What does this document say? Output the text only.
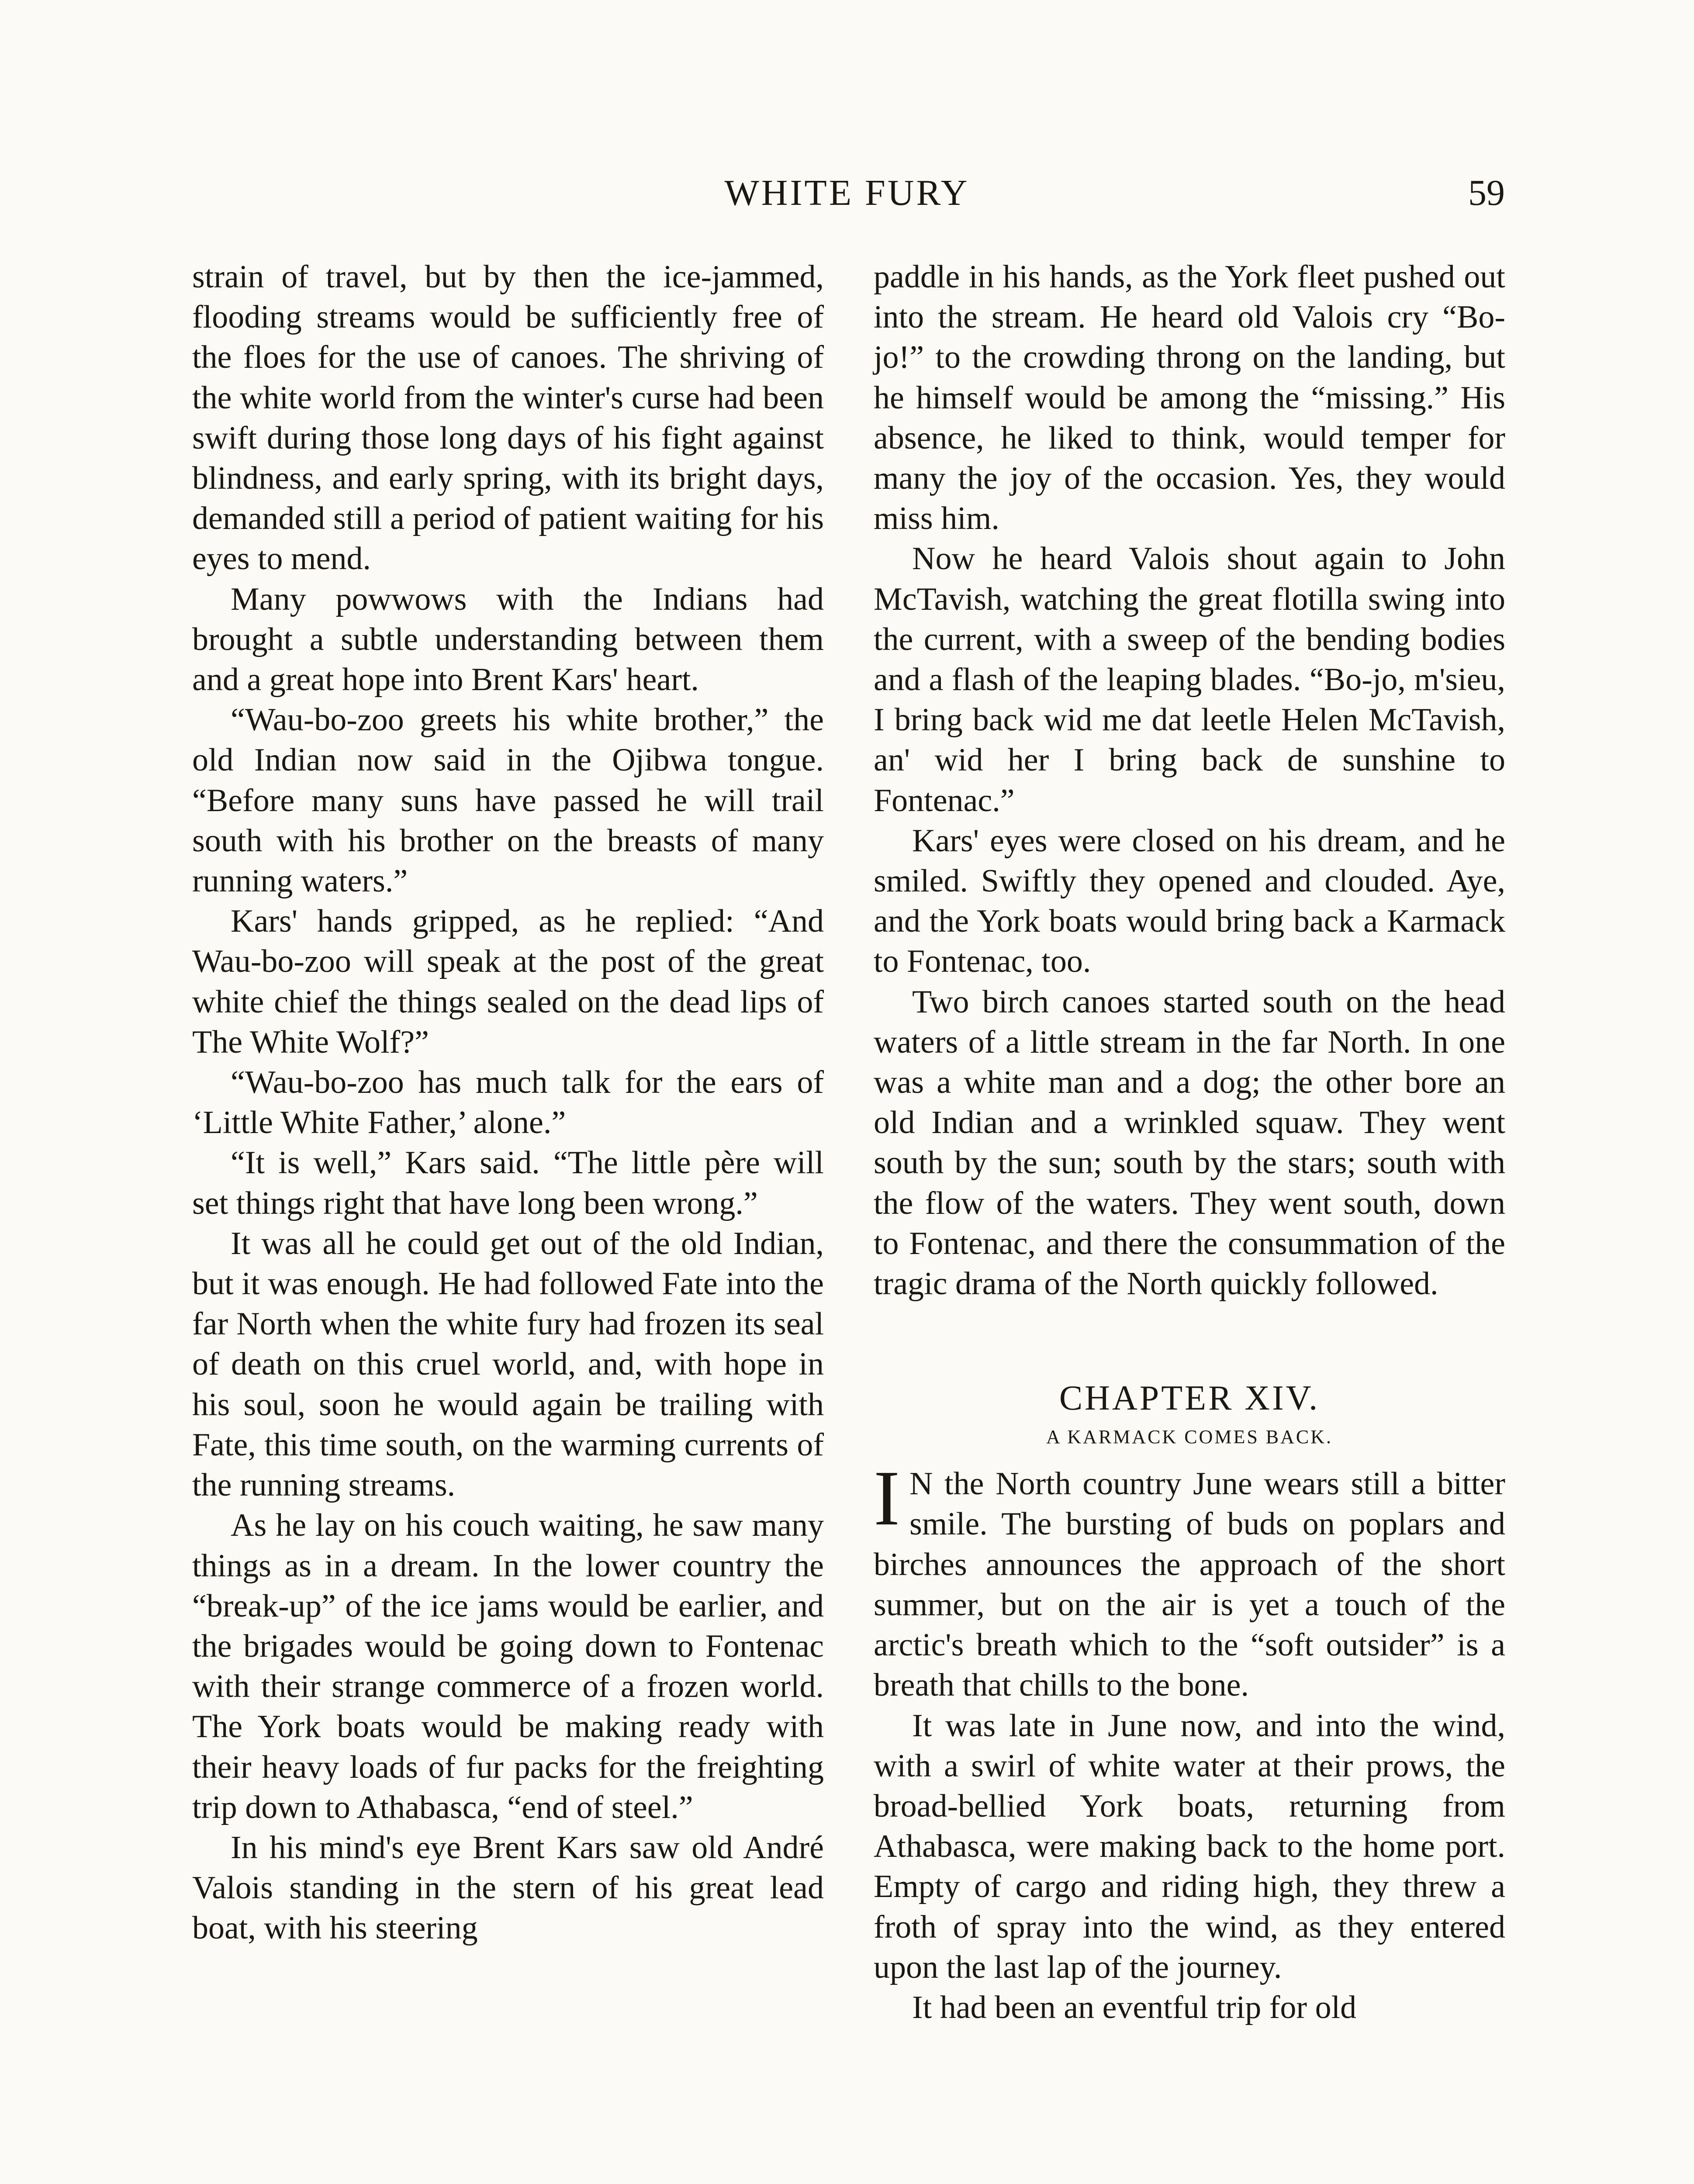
WHITE FURY	59

strain of travel, but by then the ice-jammed, flooding streams would be sufficiently free of the floes for the use of canoes. The shriving of the white world from the winter's curse had been swift during those long days of his fight against blindness, and early spring, with its bright days, demanded still a period of patient waiting for his eyes to mend.

Many powwows with the Indians had brought a subtle understanding between them and a great hope into Brent Kars' heart.

“Wau-bo-zoo greets his white brother,” the old Indian now said in the Ojibwa tongue. “Before many suns have passed he will trail south with his brother on the breasts of many running waters.”

Kars' hands gripped, as he replied: “And Wau-bo-zoo will speak at the post of the great white chief the things sealed on the dead lips of The White Wolf?”

“Wau-bo-zoo has much talk for the ears of ‘Little White Father,’ alone.”

“It is well,” Kars said. “The little père will set things right that have long been wrong.”

It was all he could get out of the old Indian, but it was enough. He had followed Fate into the far North when the white fury had frozen its seal of death on this cruel world, and, with hope in his soul, soon he would again be trailing with Fate, this time south, on the warming currents of the running streams.

As he lay on his couch waiting, he saw many things as in a dream. In the lower country the “break-up” of the ice jams would be earlier, and the brigades would be going down to Fontenac with their strange commerce of a frozen world. The York boats would be making ready with their heavy loads of fur packs for the freighting trip down to Athabasca, “end of steel.”

In his mind's eye Brent Kars saw old André Valois standing in the stern of his great lead boat, with his steering

paddle in his hands, as the York fleet pushed out into the stream. He heard old Valois cry “Bo-jo!” to the crowding throng on the landing, but he himself would be among the “missing.” His absence, he liked to think, would temper for many the joy of the occasion. Yes, they would miss him.

Now he heard Valois shout again to John McTavish, watching the great flotilla swing into the current, with a sweep of the bending bodies and a flash of the leaping blades. “Bo-jo, m'sieu, I bring back wid me dat leetle Helen McTavish, an' wid her I bring back de sunshine to Fontenac.”

Kars' eyes were closed on his dream, and he smiled. Swiftly they opened and clouded. Aye, and the York boats would bring back a Karmack to Fontenac, too.

Two birch canoes started south on the head waters of a little stream in the far North. In one was a white man and a dog; the other bore an old Indian and a wrinkled squaw. They went south by the sun; south by the stars; south with the flow of the waters. They went south, down to Fontenac, and there the consummation of the tragic drama of the North quickly followed.

CHAPTER XIV.
A KARMACK COMES BACK.

I N the North country June wears still a bitter smile. The bursting of buds on poplars and birches announces the approach of the short summer, but on the air is yet a touch of the arctic's breath which to the “soft outsider” is a breath that chills to the bone.

It was late in June now, and into the wind, with a swirl of white water at their prows, the broad-bellied York boats, returning from Athabasca, were making back to the home port. Empty of cargo and riding high, they threw a froth of spray into the wind, as they entered upon the last lap of the journey.

It had been an eventful trip for old
